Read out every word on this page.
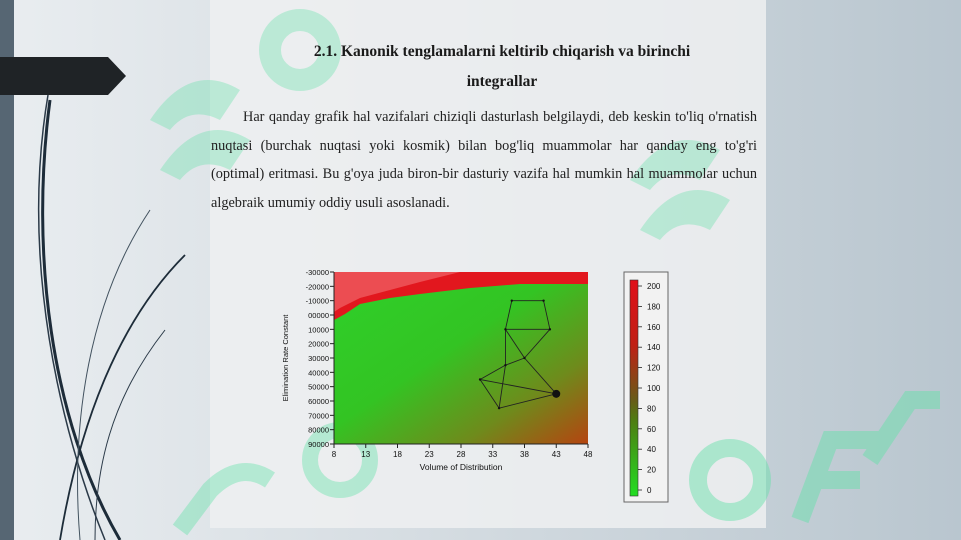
2.1. Kanonik tenglamalarni keltirib chiqarish va birinchi
integrallar

Har qanday grafik hal vazifalari chiziqli dasturlash belgilaydi, deb keskin to'liq o'rnatish nuqtasi (burchak nuqtasi yoki kosmik) bilan bog'liq muammolar har qanday eng to'g'ri (optimal) eritmasi. Bu g'oya juda biron-bir dasturiy vazifa hal mumkin hal muammolar uchun algebraik umumiy oddiy usuli asoslanadi.

-30000
-20000
-10000
00000
10000
20000
30000
40000
50000
60000
70000
80000
90000
8	13	18	23	28	33	38	43	48
Volume of Distribution
Elimination Rate Constant
200
180
160
140
120
100
80
60
40
20
0
